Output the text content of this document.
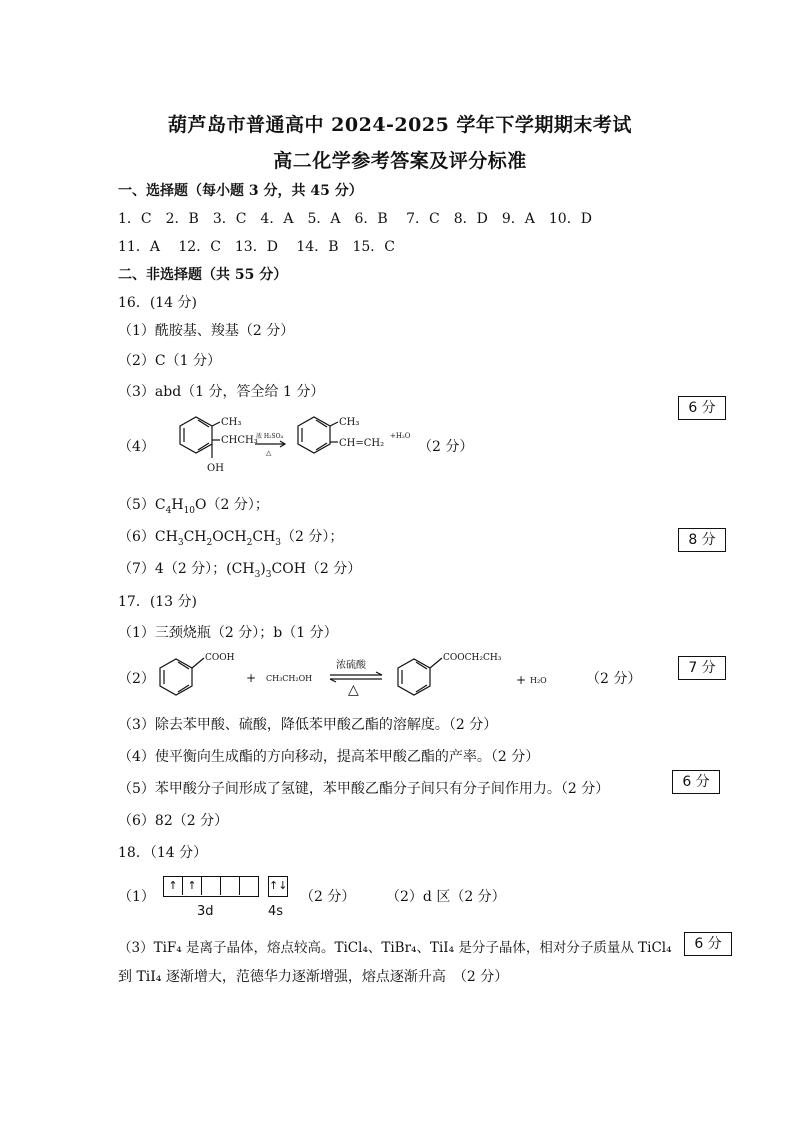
葫芦岛市普通高中 2024-2025 学年下学期期末考试
高二化学参考答案及评分标准
一、选择题（每小题 3 分，共 45 分）
1．C　2．B　3．C　4．A　5．A　6．B　 7．C　8．D　9．A　10．D
11．A　 12．C　13．D　 14．B　15．C
二、非选择题（共 55 分）
16．(14 分)
（1）酰胺基、羧基（2 分）
（2）C（1 分）
（3）abd（1 分，答全给 1 分）
6 分
（4）
CH₃
CHCH₃
OH
浓 H₂SO₄
△
CH₃
CH=CH₂
+H₂O
（2 分）
$(5)C_4H_{10}O(2$ 分）；
$(6)CH_3CH_2OCH_2CH_3(2$ 分）；	8 分
（7）4（2 分）；$(CH_3)_3COH(2$ 分）
17．(13 分)
（1）三颈烧瓶（2 分）；b（1 分）
（2）
COOH
+ CH₃CH₂OH
浓硫酸
△
COOCH₂CH₃
+ H₂O	（2 分）
7 分
（3）除去苯甲酸、硫酸，降低苯甲酸乙酯的溶解度。（2 分）
（4）使平衡向生成酯的方向移动，提高苯甲酸乙酯的产率。（2 分）
（5）苯甲酸分子间形成了氢键，苯甲酸乙酯分子间只有分子间作用力。（2 分）	6 分
（6）82（2 分）
18．（14 分）
（1）
↑ ↑	↑↓
3d	4s
（2 分） （2）d 区（2 分）
（3）TiF₄ 是离子晶体，熔点较高。TiCl₄、TiBr₄、TiI₄ 是分子晶体，相对分子质量从 TiCl₄	6 分
到 TiI₄ 逐渐增大，范德华力逐渐增强，熔点逐渐升高　（2 分）
